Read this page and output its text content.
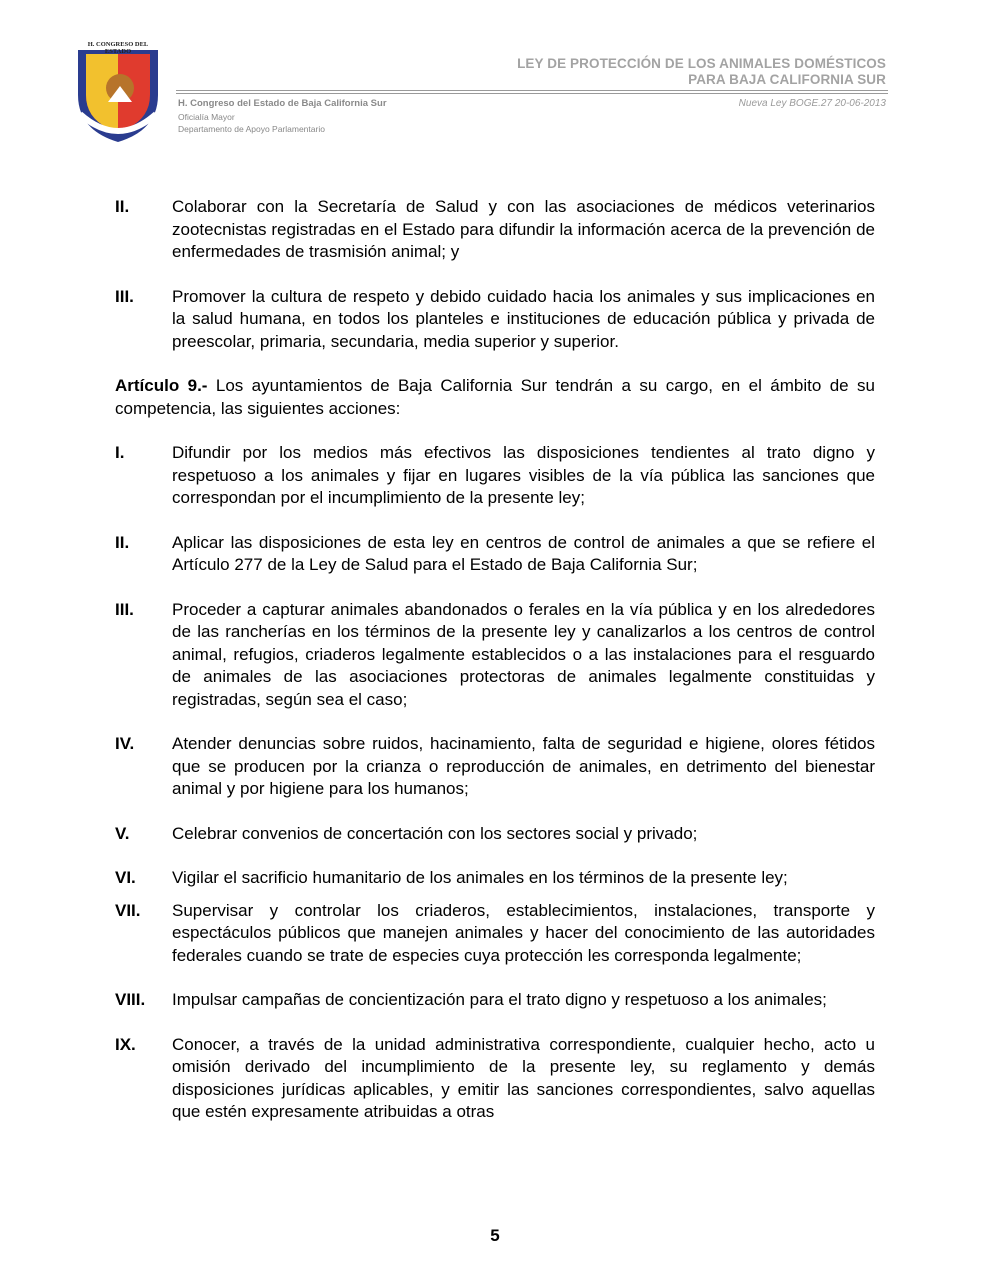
H. CONGRESO DEL ESTADO
LEY DE PROTECCIÓN DE LOS ANIMALES DOMÉSTICOS
PARA BAJA CALIFORNIA SUR
H. Congreso del Estado de Baja California Sur
Oficialía Mayor
Departamento de Apoyo Parlamentario
Nueva Ley BOGE.27 20-06-2013
II.	Colaborar con la Secretaría de Salud y con las asociaciones de médicos veterinarios zootecnistas registradas en el Estado para difundir la información acerca de la prevención de enfermedades de trasmisión animal; y
III. Promover la cultura de respeto y debido cuidado hacia los animales y sus implicaciones en la salud humana, en todos los planteles e instituciones de educación pública y privada de preescolar, primaria, secundaria, media superior y superior.
Artículo 9.- Los ayuntamientos de Baja California Sur tendrán a su cargo, en el ámbito de su competencia, las siguientes acciones:
I.	Difundir por los medios más efectivos las disposiciones tendientes al trato digno y respetuoso a los animales y fijar en lugares visibles de la vía pública las sanciones que correspondan por el incumplimiento de la presente ley;
II.	Aplicar las disposiciones de esta ley en centros de control de animales a que se refiere el Artículo 277 de la Ley de Salud para el Estado de Baja California Sur;
III. Proceder a capturar animales abandonados o ferales en la vía pública y en los alrededores de las rancherías en los términos de la presente ley y canalizarlos a los centros de control animal, refugios, criaderos legalmente establecidos o a las instalaciones para el resguardo de animales de las asociaciones protectoras de animales legalmente constituidas y registradas, según sea el caso;
IV. Atender denuncias sobre ruidos, hacinamiento, falta de seguridad e higiene, olores fétidos que se producen por la crianza o reproducción de animales, en detrimento del bienestar animal y por higiene para los humanos;
V. Celebrar convenios de concertación con los sectores social y privado;
VI. Vigilar el sacrificio humanitario de los animales en los términos de la presente ley;
VII. Supervisar y controlar los criaderos, establecimientos, instalaciones, transporte y espectáculos públicos que manejen animales y hacer del conocimiento de las autoridades federales cuando se trate de especies cuya protección les corresponda legalmente;
VIII. Impulsar campañas de concientización para el trato digno y respetuoso a los animales;
IX. Conocer, a través de la unidad administrativa correspondiente, cualquier hecho, acto u omisión derivado del incumplimiento de la presente ley, su reglamento y demás disposiciones jurídicas aplicables, y emitir las sanciones correspondientes, salvo aquellas que estén expresamente atribuidas a otras
5
